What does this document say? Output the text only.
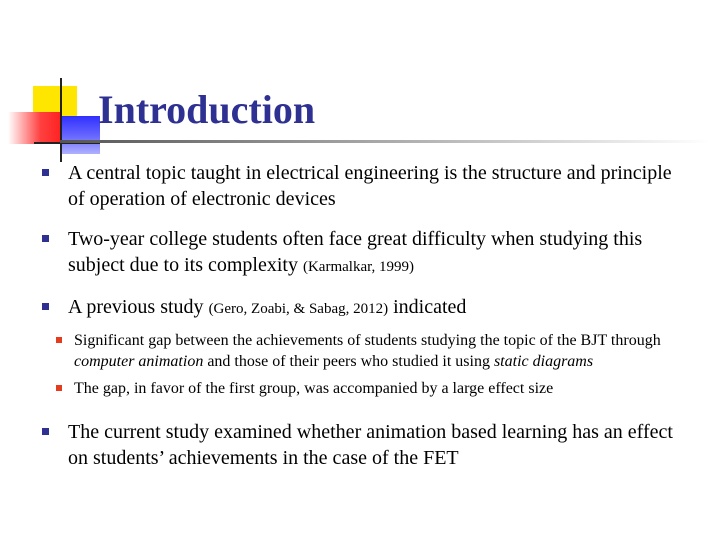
Introduction
A central topic taught in electrical engineering is the structure and principle of operation of electronic devices
Two-year college students often face great difficulty when studying this subject due to its complexity (Karmalkar, 1999)
A previous study (Gero, Zoabi, & Sabag, 2012) indicated
Significant gap between the achievements of students studying the topic of the BJT through computer animation and those of their peers who studied it using static diagrams
The gap, in favor of the first group, was accompanied by a large effect size
The current study examined whether animation based learning has an effect on students’ achievements in the case of the FET
